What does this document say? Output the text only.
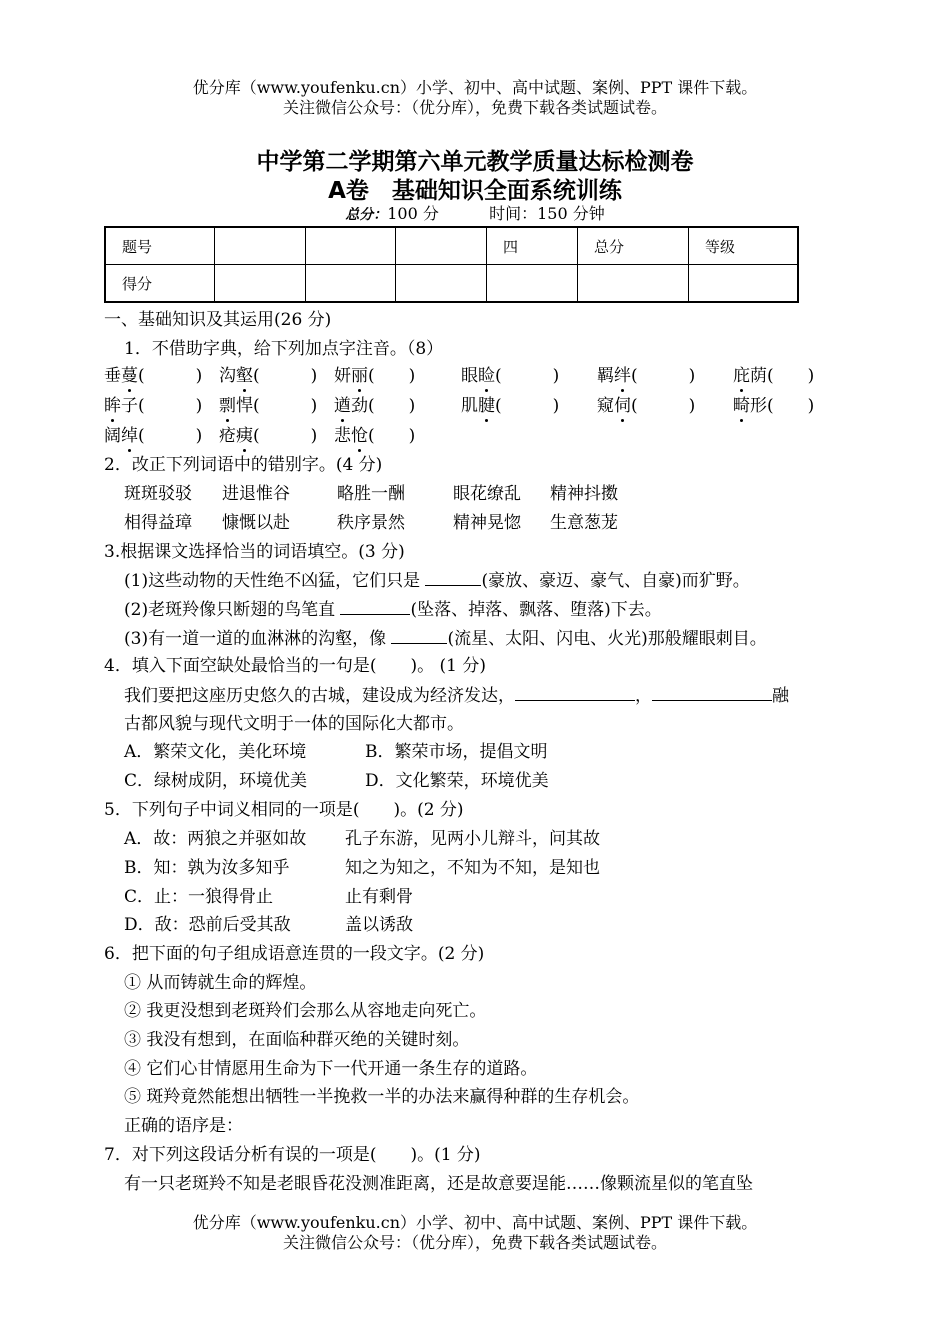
优分库（www.youfenku.cn）小学、初中、高中试题、案例、PPT 课件下载。
关注微信公众号：（优分库），免费下载各类试题试卷。
中学第二学期第六单元教学质量达标检测卷
A卷　基础知识全面系统训练
总分：100 分	时间：150 分钟
题号				四	总分	等级
得分						
一、基础知识及其运用(26 分)
1．不借助字典，给下列加点字注音。（8）
垂蔓(　　　) 沟壑(　　　) 妍丽(　　)	眼睑(　　　) 羁绊(　　　) 庇荫(　　)
眸子(　　　) 剽悍(　　　) 遒劲(　　)	肌腱(　　　) 窥伺(　　　) 畸形(　　)
阔绰(　　　) 疮痍(　　　) 悲怆(　　)
2．改正下列词语中的错别字。(4 分)
斑斑驳驳 进退惟谷	略胜一酬	眼花缭乱 精神抖擞
相得益璋 慷慨以赴	秩序景然	精神晃惚 生意葱茏
3.根据课文选择恰当的词语填空。(3 分)
(1)这些动物的天性绝不凶猛，它们只是	(豪放、豪迈、豪气、自豪)而犷野。
(2)老斑羚像只断翅的鸟笔直	(坠落、掉落、飘落、堕落)下去。
(3)有一道一道的血淋淋的沟壑，像	(流星、太阳、闪电、火光)那般耀眼刺目。
4．填入下面空缺处最恰当的一句是(　　)。 (1 分)
我们要把这座历史悠久的古城，建设成为经济发达，	，	融
古都风貌与现代文明于一体的国际化大都市。
A．繁荣文化，美化环境	B．繁荣市场，提倡文明
C．绿树成阴，环境优美	D．文化繁荣，环境优美
5．下列句子中词义相同的一项是(　　)。(2 分)
A．故：两狼之并驱如故 孔子东游，见两小儿辩斗，问其故
B．知：孰为汝多知乎	知之为知之，不知为不知，是知也
C．止：一狼得骨止	止有剩骨
D．敌：恐前后受其敌	盖以诱敌
6．把下面的句子组成语意连贯的一段文字。(2 分)
① 从而铸就生命的辉煌。
② 我更没想到老斑羚们会那么从容地走向死亡。
③ 我没有想到，在面临种群灭绝的关键时刻。
④ 它们心甘情愿用生命为下一代开通一条生存的道路。
⑤ 斑羚竟然能想出牺牲一半挽救一半的办法来赢得种群的生存机会。
正确的语序是：
7．对下列这段话分析有误的一项是(　　)。(1 分)
有一只老斑羚不知是老眼昏花没测准距离，还是故意要逞能……像颗流星似的笔直坠
优分库（www.youfenku.cn）小学、初中、高中试题、案例、PPT 课件下载。
关注微信公众号：（优分库），免费下载各类试题试卷。
